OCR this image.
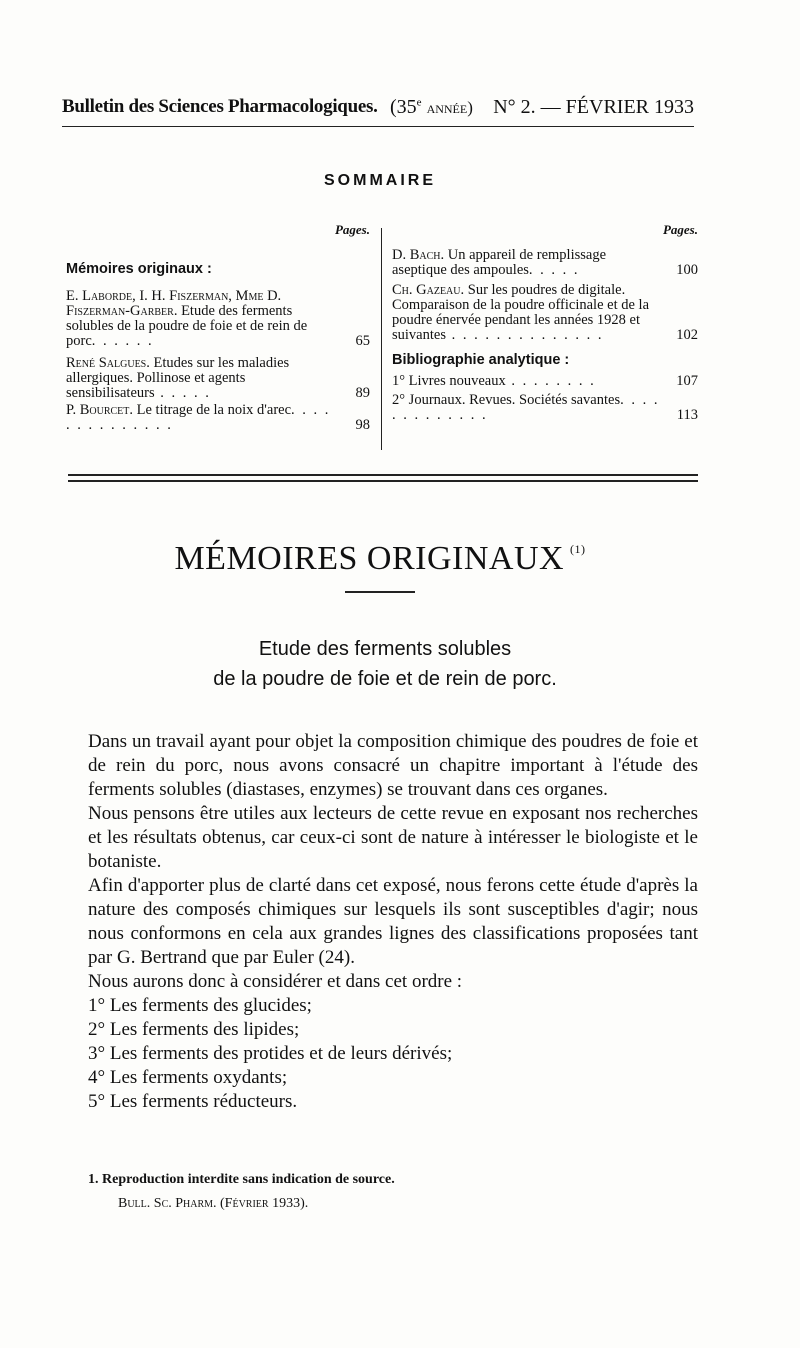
Bulletin des Sciences Pharmacologiques. (35e année) N° 2. — FÉVRIER 1933
SOMMAIRE
Pages.

Mémoires originaux :

E. Laborde, I. H. Fiszerman, Mme D. Fiszerman-Garber. Etude des ferments solubles de la poudre de foie et de rein de porc. . . . . .	65

René Salgues. Etudes sur les maladies allergiques. Pollinose et agents sensibilisateurs . . . . .	89

P. Bourcet. Le titrage de la noix d'arec. . . . . . . . . . . . . .	98

Pages.

D. Bach. Un appareil de remplissage aseptique des ampoules. . . . .	100

Ch. Gazeau. Sur les poudres de digitale. Comparaison de la poudre officinale et de la poudre énervée pendant les années 1928 et suivantes . . . . . . . . . . . . . .	102

Bibliographie analytique :

1° Livres nouveaux . . . . . . . .	107

2° Journaux. Revues. Sociétés savantes. . . . . . . . . . . . .	113

MÉMOIRES ORIGINAUX $^{(1)}$
Etude des ferments solubles
de la poudre de foie et de rein de porc.

Dans un travail ayant pour objet la composition chimique des poudres de foie et de rein du porc, nous avons consacré un chapitre important à l'étude des ferments solubles (diastases, enzymes) se trouvant dans ces organes.

Nous pensons être utiles aux lecteurs de cette revue en exposant nos recherches et les résultats obtenus, car ceux-ci sont de nature à intéresser le biologiste et le botaniste.

Afin d'apporter plus de clarté dans cet exposé, nous ferons cette étude d'après la nature des composés chimiques sur lesquels ils sont susceptibles d'agir; nous nous conformons en cela aux grandes lignes des classifications proposées tant par G. Bertrand que par Euler (24).

Nous aurons donc à considérer et dans cet ordre :

1° Les ferments des glucides;

2° Les ferments des lipides;

3° Les ferments des protides et de leurs dérivés;

4° Les ferments oxydants;

5° Les ferments réducteurs.

1. Reproduction interdite sans indication de source.
Bull. Sc. Pharm. (Février 1933).
